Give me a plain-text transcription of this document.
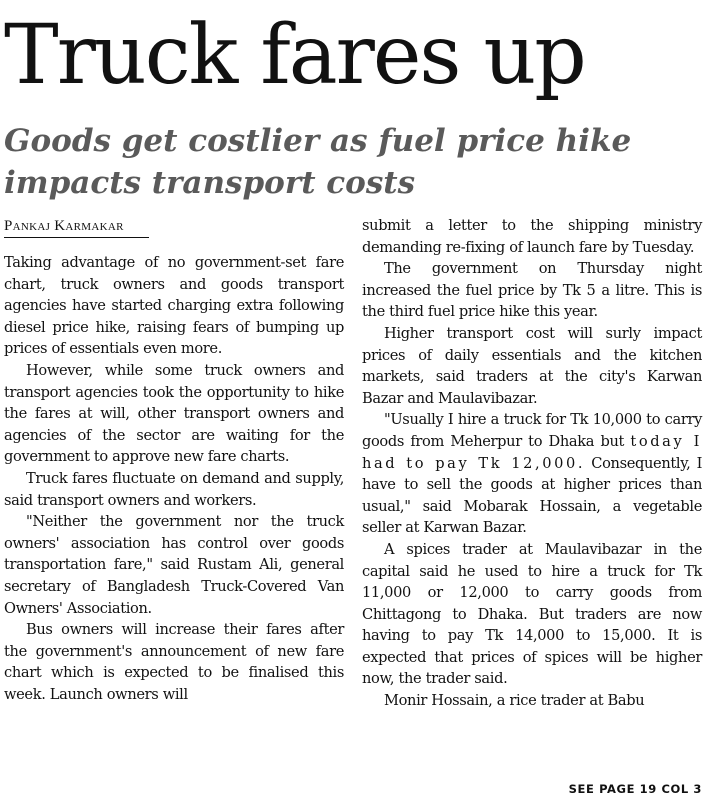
Truck fares up
Goods get costlier as fuel price hike impacts transport costs
Pankaj Karmakar

Taking advantage of no government-set fare chart, truck owners and goods transport agencies have started charging extra following diesel price hike, raising fears of bumping up prices of essentials even more.

However, while some truck owners and transport agencies took the opportunity to hike the fares at will, other transport owners and agencies of the sector are waiting for the government to approve new fare charts.

Truck fares fluctuate on demand and supply, said transport owners and workers.

"Neither the government nor the truck owners' association has control over goods transportation fare," said Rustam Ali, general secretary of Bangladesh Truck-Covered Van Owners' Association.

Bus owners will increase their fares after the government's announcement of new fare chart which is expected to be finalised this week. Launch owners will

submit a letter to the shipping ministry demanding re-fixing of launch fare by Tuesday.

The government on Thursday night increased the fuel price by Tk 5 a litre. This is the third fuel price hike this year.

Higher transport cost will surly impact prices of daily essentials and the kitchen markets, said traders at the city's Karwan Bazar and Maulavibazar.

"Usually I hire a truck for Tk 10,000 to carry goods from Meherpur to Dhaka but today I had to pay Tk 12,000. Consequently, I have to sell the goods at higher prices than usual," said Mobarak Hossain, a vegetable seller at Karwan Bazar.

A spices trader at Maulavibazar in the capital said he used to hire a truck for Tk 11,000 or 12,000 to carry goods from Chittagong to Dhaka. But traders are now having to pay Tk 14,000 to 15,000. It is expected that prices of spices will be higher now, the trader said.

Monir Hossain, a rice trader at Babu

SEE PAGE 19 COL 3
